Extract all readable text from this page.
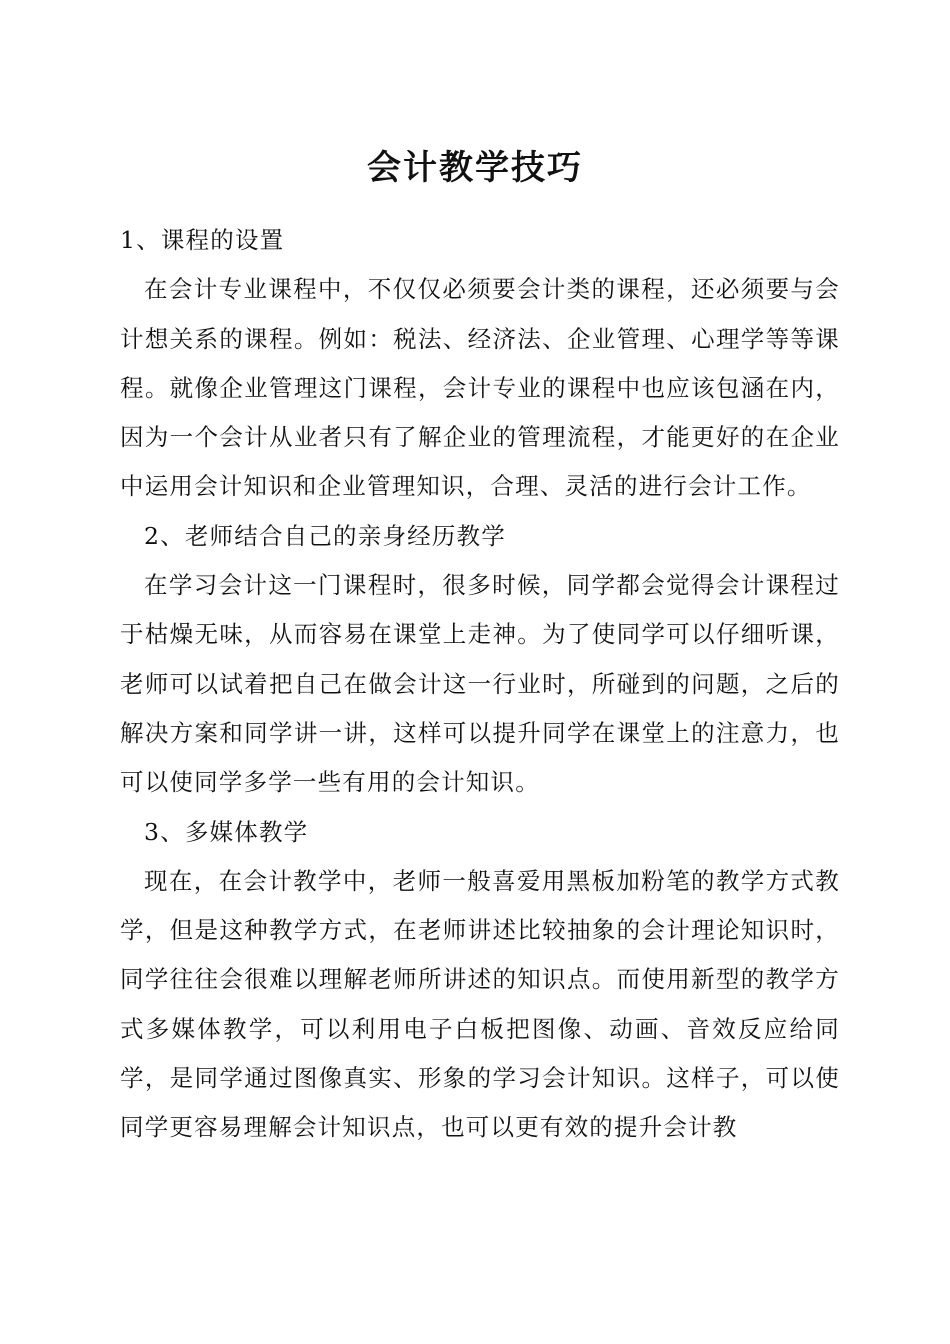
会计教学技巧

1、课程的设置

在会计专业课程中，不仅仅必须要会计类的课程，还必须要与会计想关系的课程。例如：税法、经济法、企业管理、心理学等等课程。就像企业管理这门课程，会计专业的课程中也应该包涵在内，因为一个会计从业者只有了解企业的管理流程，才能更好的在企业中运用会计知识和企业管理知识，合理、灵活的进行会计工作。

2、老师结合自己的亲身经历教学

在学习会计这一门课程时，很多时候，同学都会觉得会计课程过于枯燥无味，从而容易在课堂上走神。为了使同学可以仔细听课，老师可以试着把自己在做会计这一行业时，所碰到的问题，之后的解决方案和同学讲一讲，这样可以提升同学在课堂上的注意力，也可以使同学多学一些有用的会计知识。

3、多媒体教学

现在，在会计教学中，老师一般喜爱用黑板加粉笔的教学方式教学，但是这种教学方式，在老师讲述比较抽象的会计理论知识时，同学往往会很难以理解老师所讲述的知识点。而使用新型的教学方式多媒体教学，可以利用电子白板把图像、动画、音效反应给同学，是同学通过图像真实、形象的学习会计知识。这样子，可以使同学更容易理解会计知识点，也可以更有效的提升会计教
